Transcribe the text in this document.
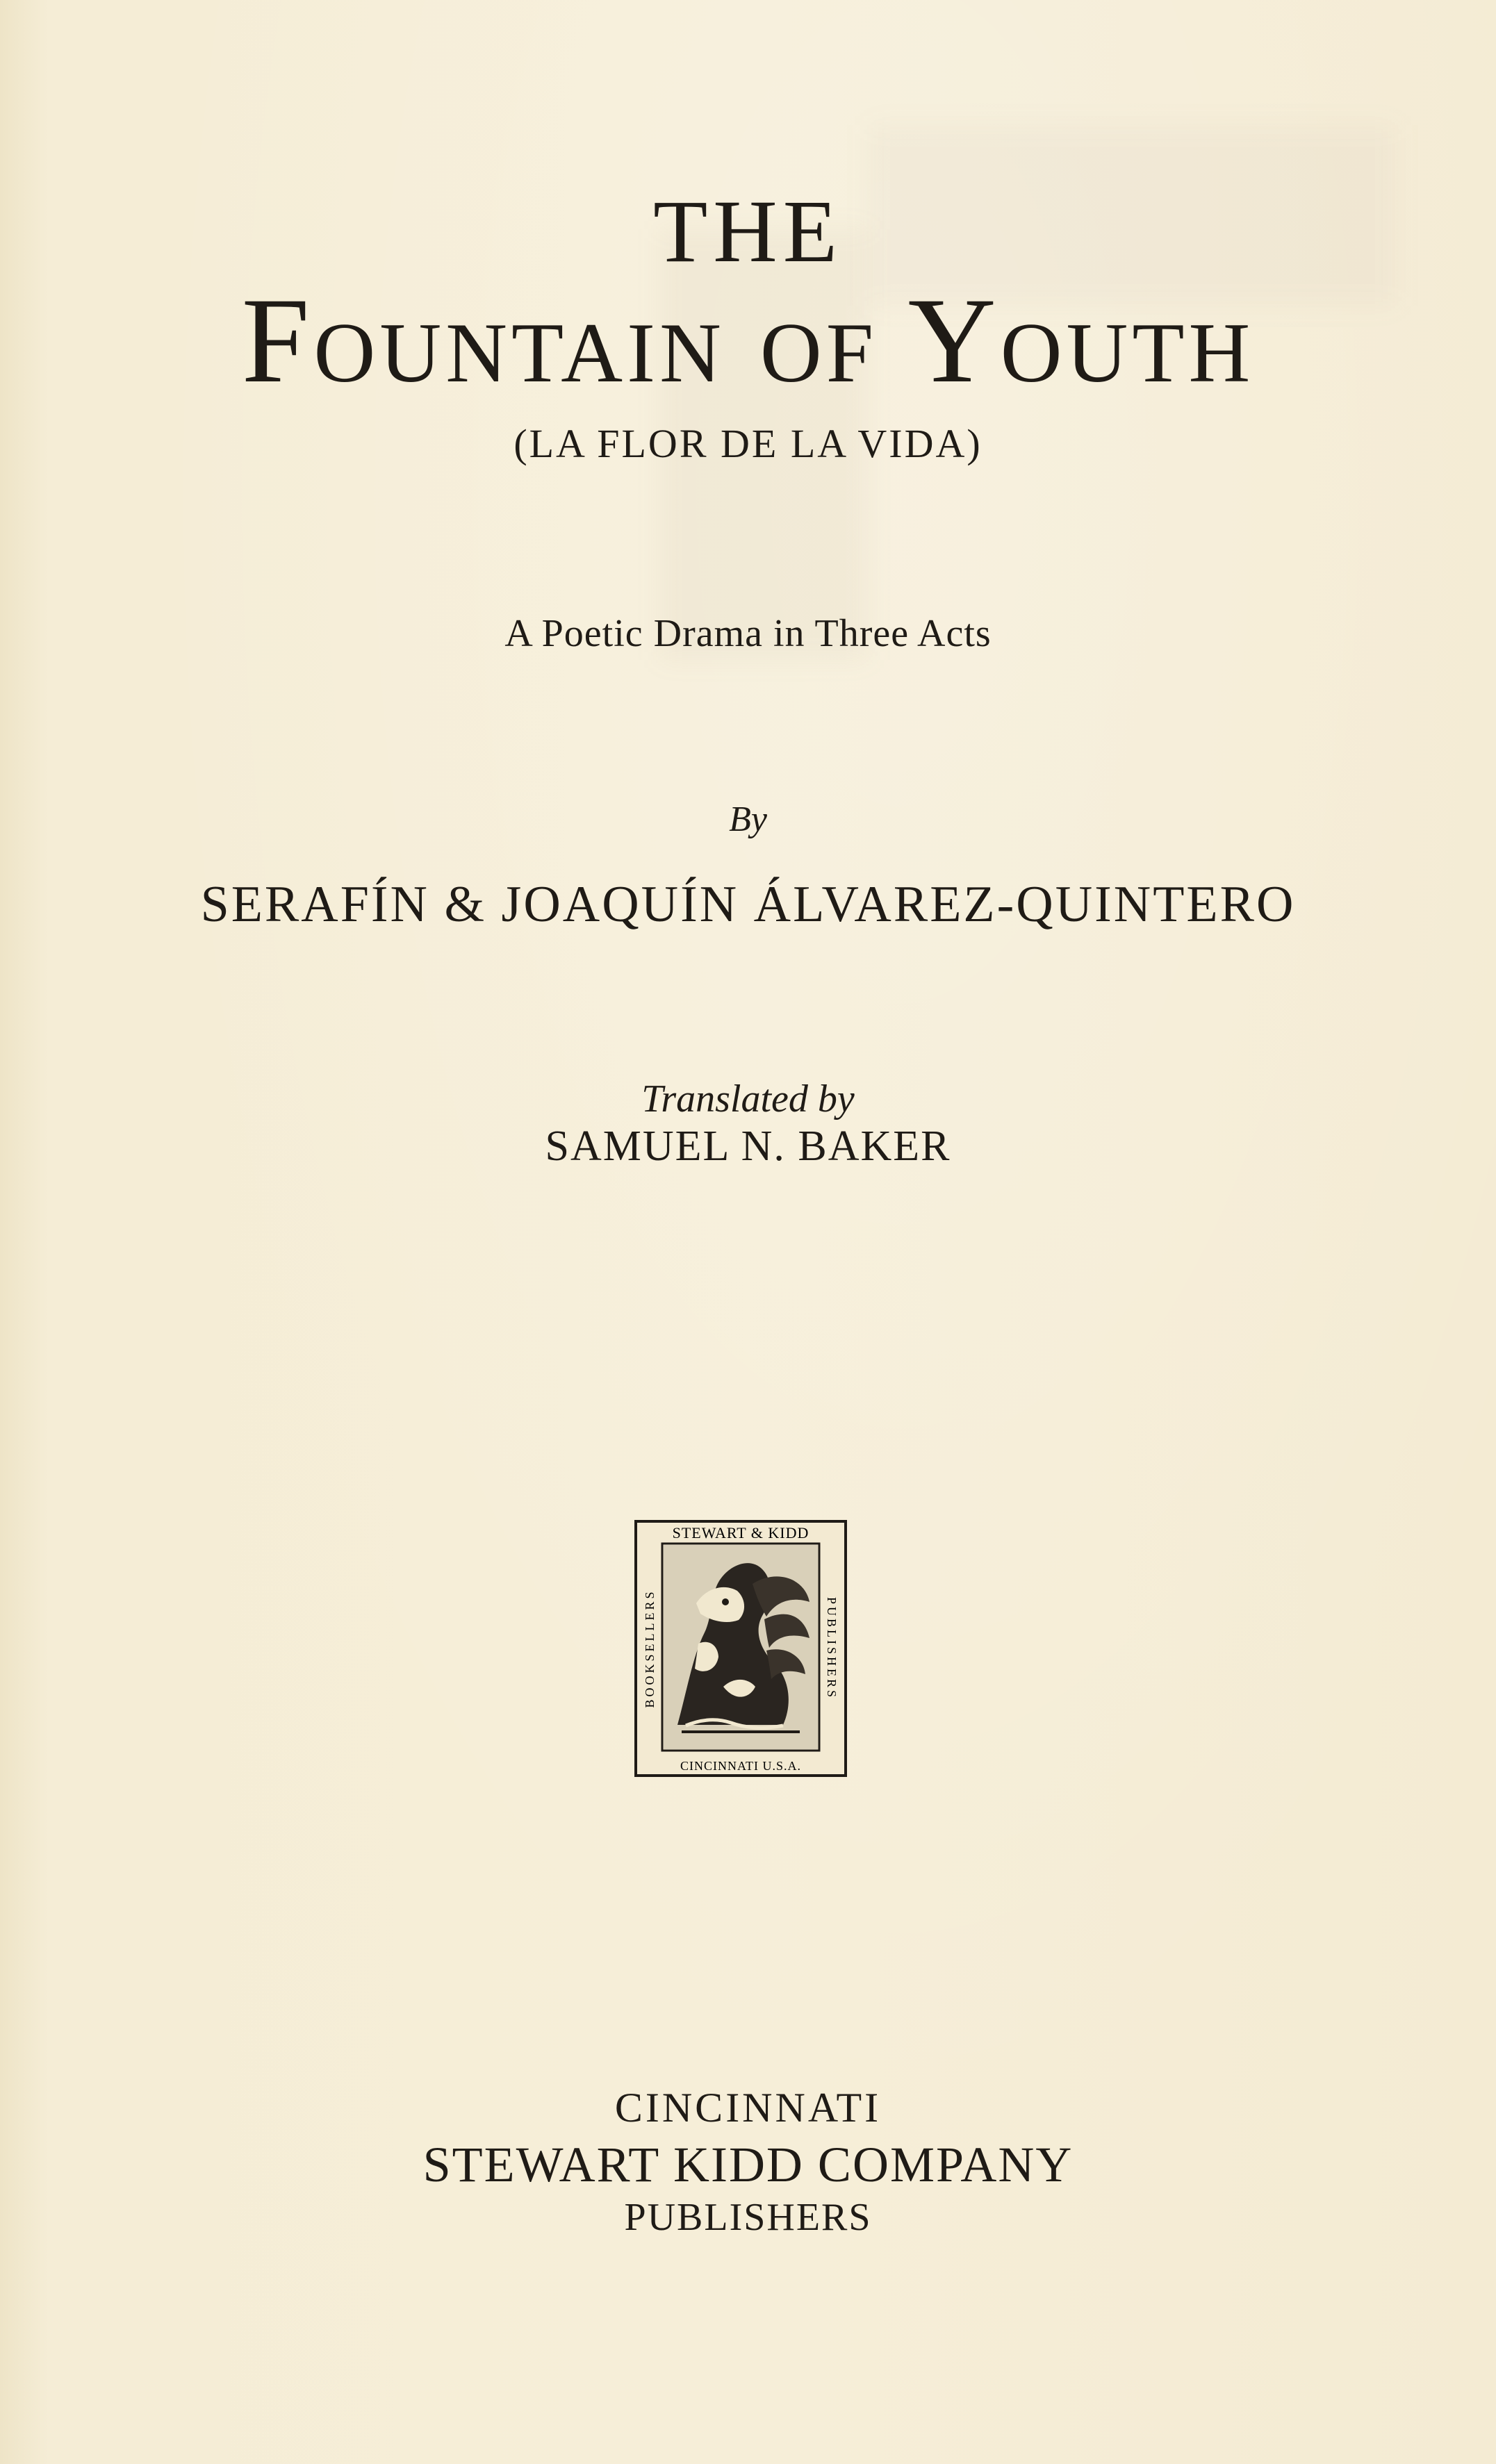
THE
Fountain of Youth
(LA FLOR DE LA VIDA)
A Poetic Drama in Three Acts
By
SERAFÍN & JOAQUÍN ÁLVAREZ-QUINTERO
Translated by
SAMUEL N. BAKER
STEWART & KIDD
CINCINNATI U.S.A.
BOOKSELLERS	PUBLISHERS
CINCINNATI
STEWART KIDD COMPANY
PUBLISHERS
